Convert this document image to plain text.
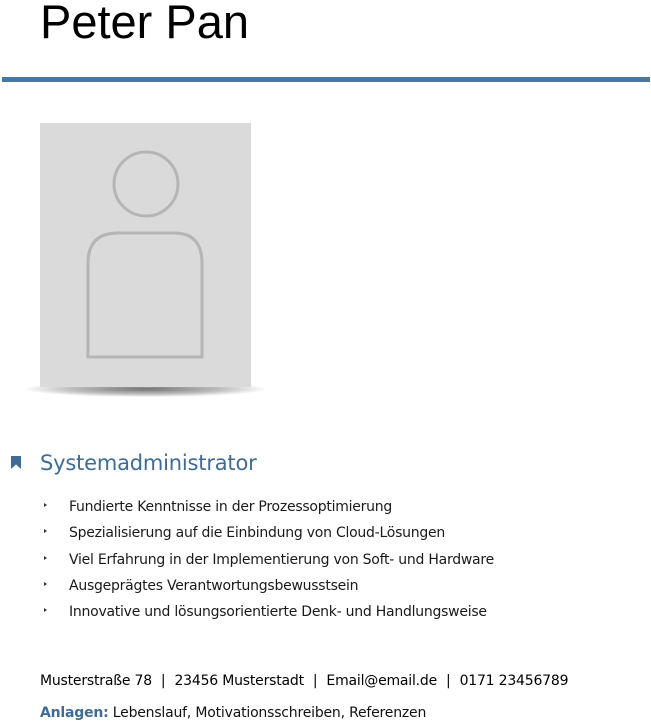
Peter Pan
Systemadministrator
Fundierte Kenntnisse in der Prozessoptimierung
Spezialisierung auf die Einbindung von Cloud-Lösungen
Viel Erfahrung in der Implementierung von Soft- und Hardware
Ausgeprägtes Verantwortungsbewusstsein
Innovative und lösungsorientierte Denk- und Handlungsweise
Musterstraße 78 | 23456 Musterstadt | Email@email.de | 0171 23456789
Anlagen: Lebenslauf, Motivationsschreiben, Referenzen
